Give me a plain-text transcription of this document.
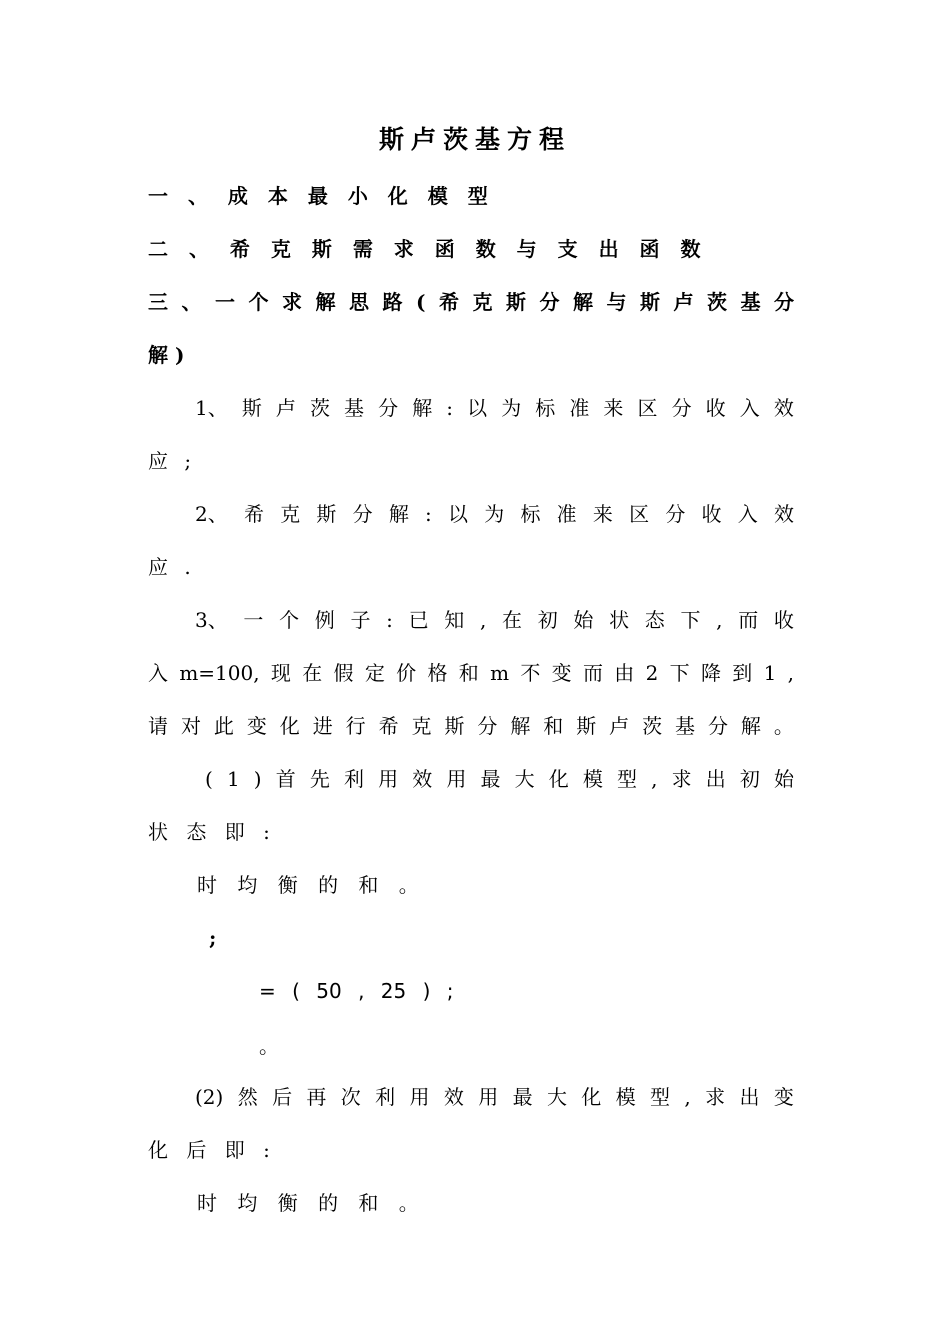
斯卢茨基方程
一 、 成 本 最 小 化 模 型
二 、 希 克 斯 需 求 函 数 与 支 出 函 数
三 、 一 个 求 解 思 路 ( 希 克 斯 分 解 与 斯 卢 茨 基 分
解 )
1、 斯 卢 茨 基 分 解 : 以 为 标 准 来 区 分 收 入 效
应 ;
2、 希 克 斯 分 解 : 以 为 标 准 来 区 分 收 入 效
应 .
3、 一 个 例 子 : 已 知 , 在 初 始 状 态 下 , 而 收
入 m=100, 现 在 假 定 价 格 和 m 不 变 而 由 2 下 降 到 1 ,
请 对 此 变 化 进 行 希 克 斯 分 解 和 斯 卢 茨 基 分 解 。
( 1 ) 首 先 利 用 效 用 最 大 化 模 型 , 求 出 初 始
状 态 即 :
时 均 衡 的 和 。
;
= ( 50 , 25 ) ;
。
(2) 然 后 再 次 利 用 效 用 最 大 化 模 型 , 求 出 变
化 后 即 :
时 均 衡 的 和 。
